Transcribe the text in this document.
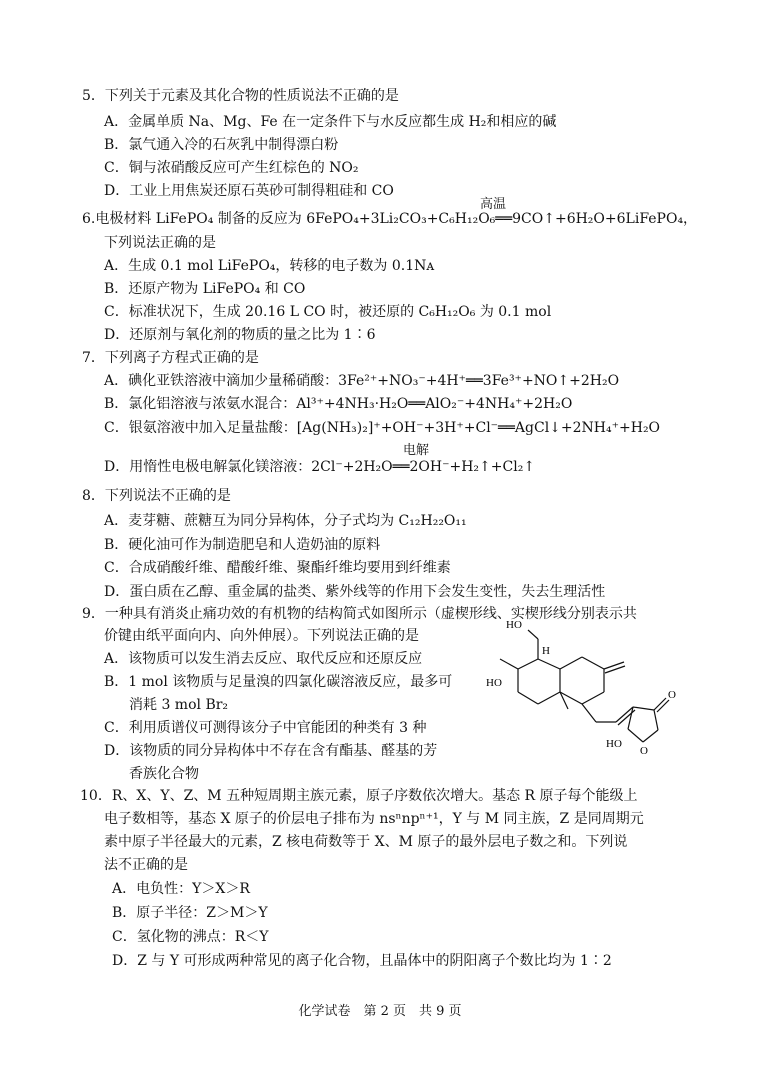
5．下列关于元素及其化合物的性质说法不正确的是
A．金属单质 Na、Mg、Fe 在一定条件下与水反应都生成 H₂和相应的碱
B．氯气通入冷的石灰乳中制得漂白粉
C．铜与浓硝酸反应可产生红棕色的 NO₂
D．工业上用焦炭还原石英砂可制得粗硅和 CO
高温
6.电极材料 LiFePO₄ 制备的反应为 6FePO₄+3Li₂CO₃+C₆H₁₂O₆══9CO↑+6H₂O+6LiFePO₄，
下列说法正确的是
A．生成 0.1 mol LiFePO₄，转移的电子数为 0.1Nᴀ
B．还原产物为 LiFePO₄ 和 CO
C．标准状况下，生成 20.16 L CO 时，被还原的 C₆H₁₂O₆ 为 0.1 mol
D．还原剂与氧化剂的物质的量之比为 1∶6
7．下列离子方程式正确的是
A．碘化亚铁溶液中滴加少量稀硝酸：3Fe²⁺+NO₃⁻+4H⁺══3Fe³⁺+NO↑+2H₂O
B．氯化铝溶液与浓氨水混合：Al³⁺+4NH₃·H₂O══AlO₂⁻+4NH₄⁺+2H₂O
C．银氨溶液中加入足量盐酸：[Ag(NH₃)₂]⁺+OH⁻+3H⁺+Cl⁻══AgCl↓+2NH₄⁺+H₂O
电解
D．用惰性电极电解氯化镁溶液：2Cl⁻+2H₂O══2OH⁻+H₂↑+Cl₂↑
8．下列说法不正确的是
A．麦芽糖、蔗糖互为同分异构体，分子式均为 C₁₂H₂₂O₁₁
B．硬化油可作为制造肥皂和人造奶油的原料
C．合成硝酸纤维、醋酸纤维、聚酯纤维均要用到纤维素
D．蛋白质在乙醇、重金属的盐类、紫外线等的作用下会发生变性，失去生理活性
9．一种具有消炎止痛功效的有机物的结构简式如图所示（虚楔形线、实楔形线分别表示共
价键由纸平面向内、向外伸展）。下列说法正确的是
A．该物质可以发生消去反应、取代反应和还原反应
B．1 mol 该物质与足量溴的四氯化碳溶液反应，最多可
消耗 3 mol Br₂
C．利用质谱仪可测得该分子中官能团的种类有 3 种
D．该物质的同分异构体中不存在含有酯基、醛基的芳
香族化合物
HO
H
HO
HO
O
O
10．R、X、Y、Z、M 五种短周期主族元素，原子序数依次增大。基态 R 原子每个能级上
电子数相等，基态 X 原子的价层电子排布为 nsⁿnpⁿ⁺¹，Y 与 M 同主族，Z 是同周期元
素中原子半径最大的元素，Z 核电荷数等于 X、M 原子的最外层电子数之和。下列说
法不正确的是
A．电负性：Y＞X＞R
B．原子半径：Z＞M＞Y
C．氢化物的沸点：R＜Y
D．Z 与 Y 可形成两种常见的离子化合物，且晶体中的阴阳离子个数比均为 1∶2
化学试卷　第 2 页　共 9 页
